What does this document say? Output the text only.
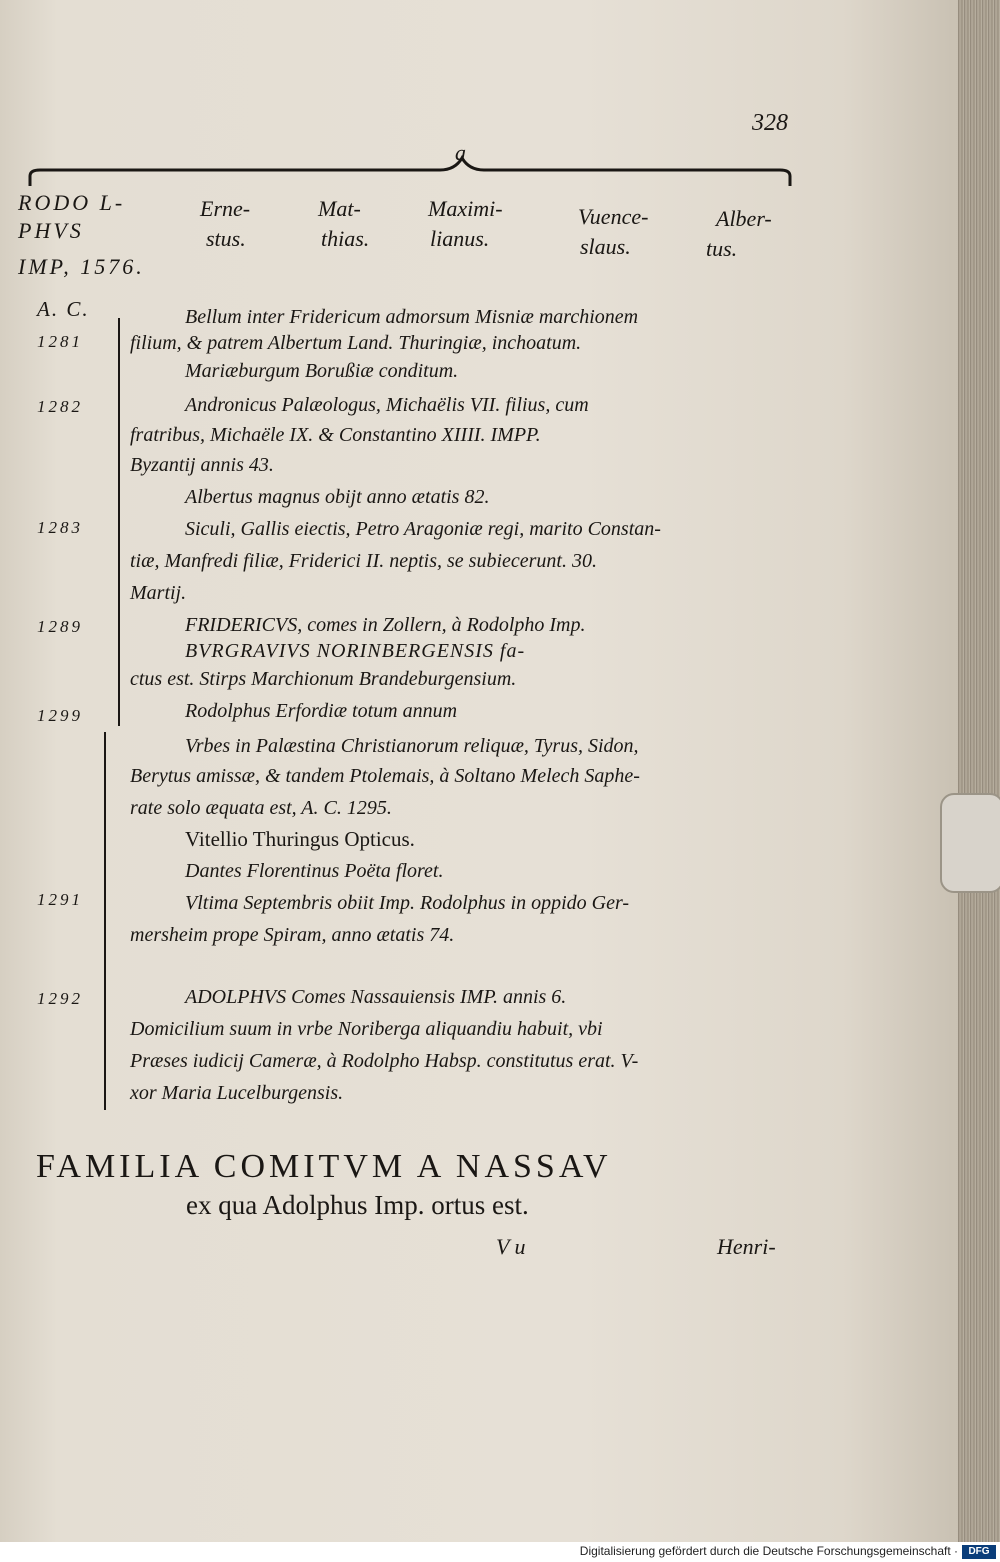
328
a
RODO L-
PHVS
IMP, 1576.
Erne-
stus.
Mat-
thias.
Maximi-
lianus.
Vuence-
slaus.
Alber-
tus.
A. C.
1281
1282
1283
1289
1299
1291
1292
Bellum inter Fridericum admorsum Misniæ marchionem
filium, & patrem Albertum Land. Thuringiæ, inchoatum.
Mariæburgum Borußiæ conditum.
Andronicus Palæologus, Michaëlis VII. filius, cum
fratribus, Michaële IX. & Constantino XIIII. IMPP.
Byzantij annis 43.
Albertus magnus obijt anno ætatis 82.
Siculi, Gallis eiectis, Petro Aragoniæ regi, marito Constan-
tiæ, Manfredi filiæ, Friderici II. neptis, se subiecerunt. 30.
Martij.
FRIDERICVS, comes in Zollern, à Rodolpho Imp.
BVRGRAVIVS NORINBERGENSIS fa-
ctus est. Stirps Marchionum Brandeburgensium.
Rodolphus Erfordiæ totum annum
Vrbes in Palæstina Christianorum reliquæ, Tyrus, Sidon,
Berytus amissæ, & tandem Ptolemais, à Soltano Melech Saphe-
rate solo æquata est, A. C. 1295.
Vitellio Thuringus Opticus.
Dantes Florentinus Poëta floret.
Vltima Septembris obiit Imp. Rodolphus in oppido Ger-
mersheim prope Spiram, anno ætatis 74.
ADOLPHVS Comes Nassauiensis IMP. annis 6.
Domicilium suum in vrbe Noriberga aliquandiu habuit, vbi
Præses iudicij Cameræ, à Rodolpho Habsp. constitutus erat. V-
xor Maria Lucelburgensis.
FAMILIA COMITVM A NASSAV
ex qua Adolphus Imp. ortus est.
V u	Henri-
Digitalisierung gefördert durch die Deutsche Forschungsgemeinschaft ·	DFG
